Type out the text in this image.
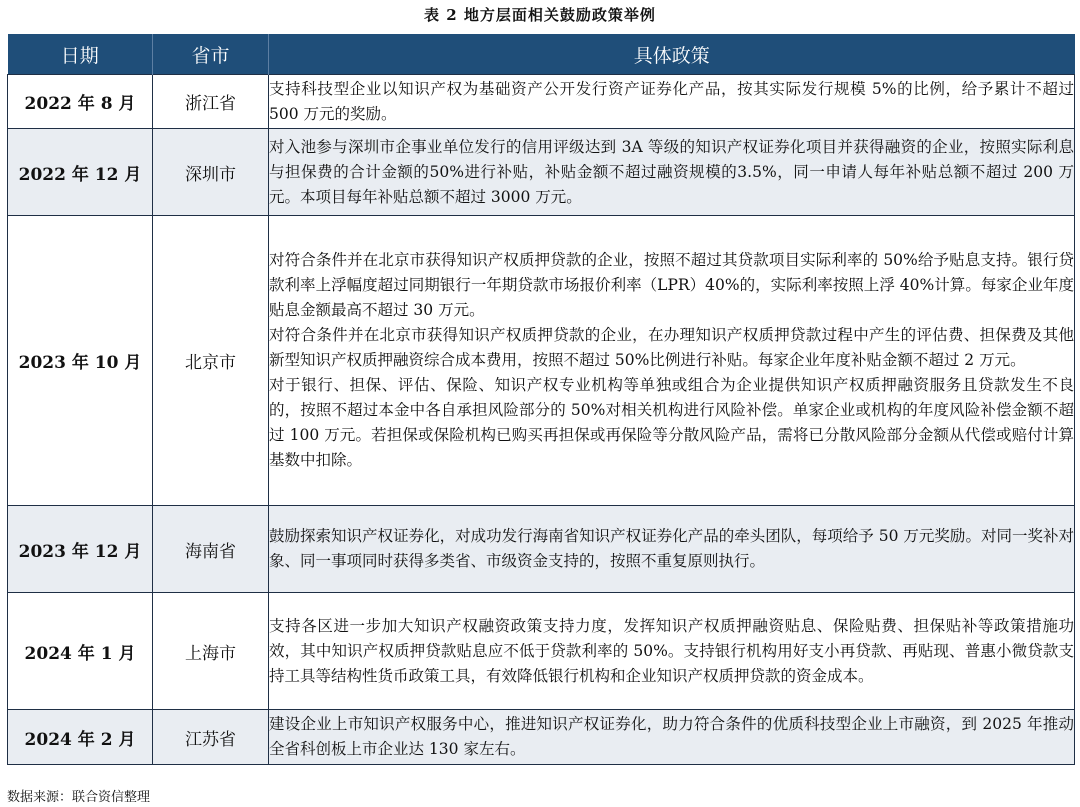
表 2 地方层面相关鼓励政策举例
日期	省市	具体政策
2022 年 8 月	浙江省	支持科技型企业以知识产权为基础资产公开发行资产证券化产品，按其实际发行规模 5%的比例，给予累计不超过 500 万元的奖励。

2022 年 12 月	深圳市	对入池参与深圳市企事业单位发行的信用评级达到 3A 等级的知识产权证券化项目并获得融资的企业，按照实际利息与担保费的合计金额的50%进行补贴，补贴金额不超过融资规模的3.5%，同一申请人每年补贴总额不超过 200 万元。本项目每年补贴总额不超过 3000 万元。

2023 年 10 月	北京市	对符合条件并在北京市获得知识产权质押贷款的企业，按照不超过其贷款项目实际利率的 50%给予贴息支持。银行贷款利率上浮幅度超过同期银行一年期贷款市场报价利率（LPR）40%的，实际利率按照上浮 40%计算。每家企业年度贴息金额最高不超过 30 万元。

对符合条件并在北京市获得知识产权质押贷款的企业，在办理知识产权质押贷款过程中产生的评估费、担保费及其他新型知识产权质押融资综合成本费用，按照不超过 50%比例进行补贴。每家企业年度补贴金额不超过 2 万元。

对于银行、担保、评估、保险、知识产权专业机构等单独或组合为企业提供知识产权质押融资服务且贷款发生不良的，按照不超过本金中各自承担风险部分的 50%对相关机构进行风险补偿。单家企业或机构的年度风险补偿金额不超过 100 万元。若担保或保险机构已购买再担保或再保险等分散风险产品，需将已分散风险部分金额从代偿或赔付计算基数中扣除。

2023 年 12 月	海南省	鼓励探索知识产权证券化，对成功发行海南省知识产权证券化产品的牵头团队，每项给予 50 万元奖励。对同一奖补对象、同一事项同时获得多类省、市级资金支持的，按照不重复原则执行。

2024 年 1 月	上海市	支持各区进一步加大知识产权融资政策支持力度，发挥知识产权质押融资贴息、保险贴费、担保贴补等政策措施功效，其中知识产权质押贷款贴息应不低于贷款利率的 50%。支持银行机构用好支小再贷款、再贴现、普惠小微贷款支持工具等结构性货币政策工具，有效降低银行机构和企业知识产权质押贷款的资金成本。

2024 年 2 月	江苏省	建设企业上市知识产权服务中心，推进知识产权证券化，助力符合条件的优质科技型企业上市融资，到 2025 年推动全省科创板上市企业达 130 家左右。

数据来源：联合资信整理
